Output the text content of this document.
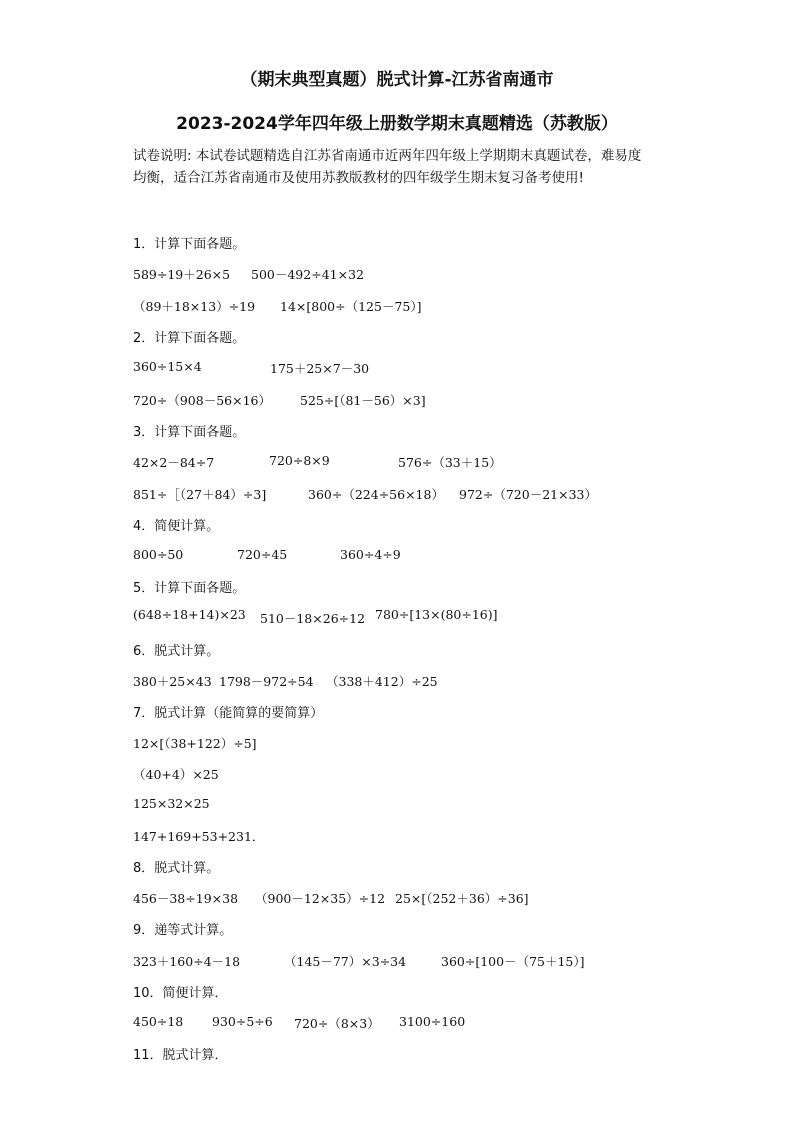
（期末典型真题）脱式计算-江苏省南通市
2023-2024学年四年级上册数学期末真题精选（苏教版）

试卷说明: 本试卷试题精选自江苏省南通市近两年四年级上学期期末真题试卷，难易度

均衡，适合江苏省南通市及使用苏教版教材的四年级学生期末复习备考使用!

1．计算下面各题。
589÷19＋26×5 500－492÷41×32
（89＋18×13）÷19 14×[800÷（125－75）]
2．计算下面各题。
360÷15×4	175＋25×7－30
720÷（908－56×16） 525÷[（81－56）×3]
3．计算下面各题。
42×2－84÷7	720÷8×9	576÷（33＋15）
851÷［（27＋84）÷3]	360÷（224÷56×18） 972÷（720－21×33）
4．简便计算。
800÷50	720÷45	360÷4÷9
5．计算下面各题。
(648÷18+14)×23 510－18×26÷12 780÷[13×(80÷16)]
6．脱式计算。
380＋25×43 1798－972÷54 （338＋412）÷25
7．脱式计算（能简算的要简算）
12×[（38+122）÷5]
（40+4）×25
125×32×25
147+169+53+231．
8．脱式计算。
456－38÷19×38 （900－12×35）÷12 25×[（252＋36）÷36]
9．递等式计算。
323＋160÷4－18	（145－77）×3÷34	360÷[100－（75＋15）]
10．简便计算．
450÷18 930÷5÷6 720÷（8×3） 3100÷160
11．脱式计算．
